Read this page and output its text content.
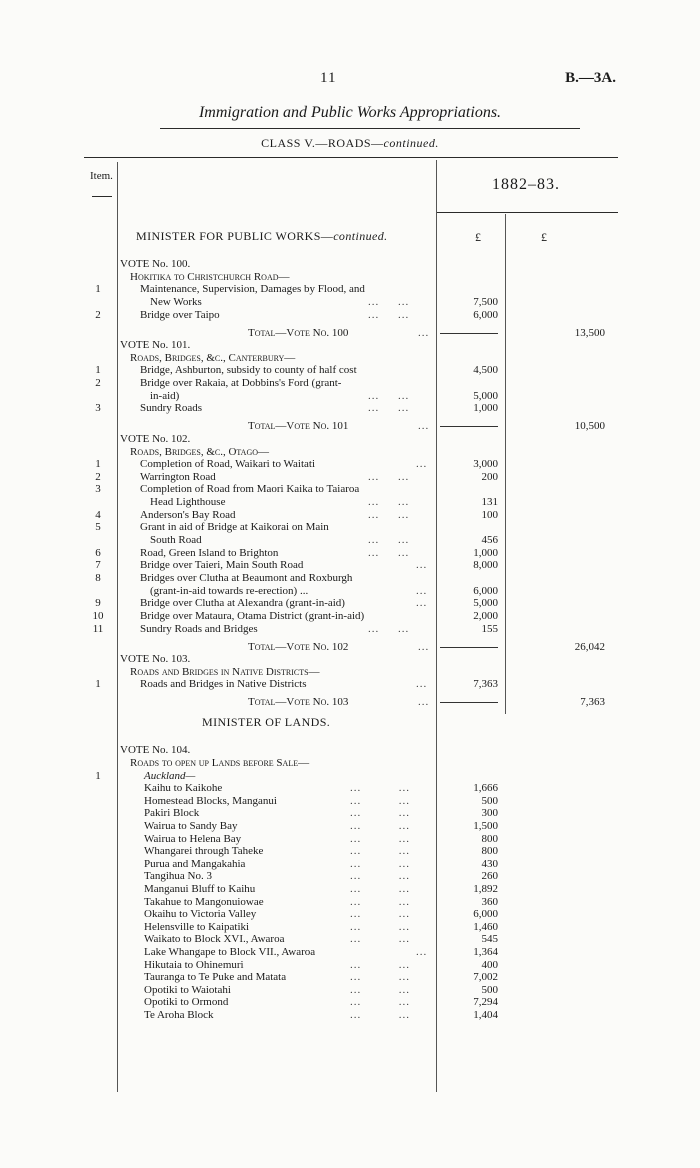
11	B.—3A.
Immigration and Public Works Appropriations.
CLASS V.—ROADS—continued.
Item.	1882–83.
£	£
MINISTER FOR PUBLIC WORKS—continued.
VOTE No. 100.
Hokitika to Christchurch Road—
1	Maintenance, Supervision, Damages by Flood, and
New Works	...     ...	7,500
2	Bridge over Taipo	...     ...	6,000
Total—Vote No. 100	...	13,500
VOTE No. 101.
Roads, Bridges, &c., Canterbury—
1	Bridge, Ashburton, subsidy to county of half cost	4,500
2	Bridge over Rakaia, at Dobbins's Ford (grant-
in-aid)	...     ...	5,000
3	Sundry Roads	...     ...	1,000
Total—Vote No. 101	...	10,500
VOTE No. 102.
Roads, Bridges, &c., Otago—
1	Completion of Road, Waikari to Waitati	...	3,000
2	Warrington Road	...     ...	200
3	Completion of Road from Maori Kaika to Taiaroa
Head Lighthouse	...     ...	131
4	Anderson's Bay Road	...     ...	100
5	Grant in aid of Bridge at Kaikorai on Main
South Road	...     ...	456
6	Road, Green Island to Brighton	...     ...	1,000
7	Bridge over Taieri, Main South Road	...	8,000
8	Bridges over Clutha at Beaumont and Roxburgh
(grant-in-aid towards re-erection) ...	...	6,000
9	Bridge over Clutha at Alexandra (grant-in-aid)	...	5,000
10	Bridge over Mataura, Otama District (grant-in-aid)	2,000
11	Sundry Roads and Bridges	...     ...	155
Total—Vote No. 102	...	26,042
VOTE No. 103.
Roads and Bridges in Native Districts—
1	Roads and Bridges in Native Districts	...	7,363
Total—Vote No. 103	...	7,363
MINISTER OF LANDS.
VOTE No. 104.
Roads to open up Lands before Sale—
1	Auckland—
Kaihu to Kaikohe	...          ...	1,666
Homestead Blocks, Manganui	...          ...	500
Pakiri Block	...          ...	300
Wairua to Sandy Bay	...          ...	1,500
Wairua to Helena Bay	...          ...	800
Whangarei through Taheke	...          ...	800
Purua and Mangakahia	...          ...	430
Tangihua No. 3	...          ...	260
Manganui Bluff to Kaihu	...          ...	1,892
Takahue to Mangonuiowae	...          ...	360
Okaihu to Victoria Valley	...          ...	6,000
Helensville to Kaipatiki	...          ...	1,460
Waikato to Block XVI., Awaroa	...          ...	545
Lake Whangape to Block VII., Awaroa	...	1,364
Hikutaia to Ohinemuri	...          ...	400
Tauranga to Te Puke and Matata	...          ...	7,002
Opotiki to Waiotahi	...          ...	500
Opotiki to Ormond	...          ...	7,294
Te Aroha Block	...          ...	1,404
